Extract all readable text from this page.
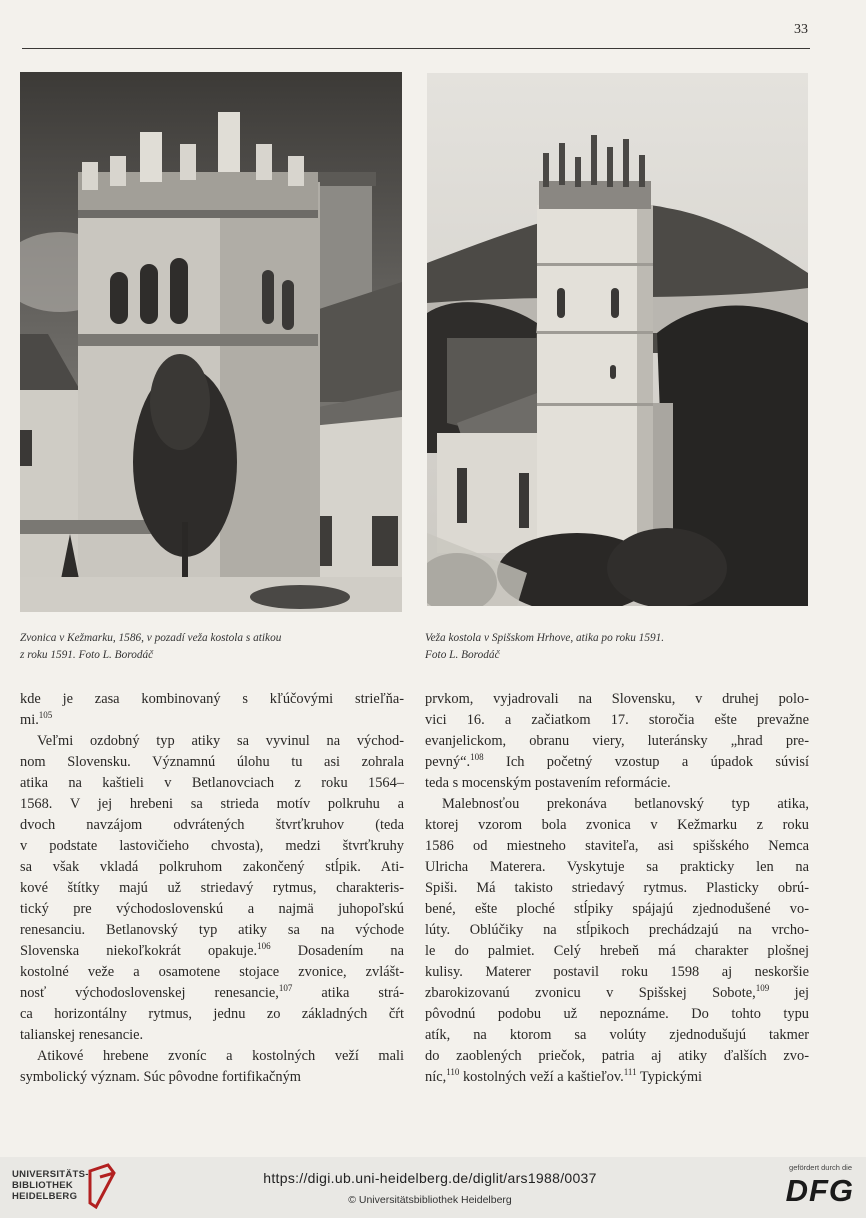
33
Zvonica v Kežmarku, 1586, v pozadí veža kostola s atikou
z roku 1591. Foto L. Borodáč
Veža kostola v Spišskom Hrhove, atika po roku 1591.
Foto L. Borodáč

kde je zasa kombinovaný s kľúčovými strieľňa-

mi.$^{105}$

Veľmi ozdobný typ atiky sa vyvinul na východ-

nom Slovensku. Významnú úlohu tu asi zohrala

atika na kaštieli v Betlanovciach z roku 1564–

1568. V jej hrebeni sa strieda motív polkruhu a

dvoch navzájom odvrátených štvrťkruhov (teda

v podstate lastovičieho chvosta), medzi štvrťkruhy

sa však vkladá polkruhom zakončený stĺpik. Ati-

kové štítky majú už striedavý rytmus, charakteris-

tický pre východoslovenskú a najmä juhopoľskú

renesanciu. Betlanovský typ atiky sa na východe

Slovenska niekoľkokrát opakuje.$^{106}$ Dosadením na

kostolné veže a osamotene stojace zvonice, zvlášt-

nosť východoslovenskej renesancie,$^{107}$ atika strá-

ca horizontálny rytmus, jednu zo základných čŕt

talianskej renesancie.

Atikové hrebene zvoníc a kostolných veží mali

symbolický význam. Súc pôvodne fortifikačným

prvkom, vyjadrovali na Slovensku, v druhej polo-

vici 16. a začiatkom 17. storočia ešte prevažne

evanjelickom, obranu viery, luteránsky „hrad pre-

pevný“.$^{108}$ Ich početný vzostup a úpadok súvisí

teda s mocenským postavením reformácie.

Malebnosťou prekonáva betlanovský typ atika,

ktorej vzorom bola zvonica v Kežmarku z roku

1586 od miestneho staviteľa, asi spišského Nemca

Ulricha Materera. Vyskytuje sa prakticky len na

Spiši. Má takisto striedavý rytmus. Plasticky obrú-

bené, ešte ploché stĺpiky spájajú zjednodušené vo-

lúty. Oblúčiky na stĺpikoch prechádzajú na vrcho-

le do palmiet. Celý hrebeň má charakter plošnej

kulisy. Materer postavil roku 1598 aj neskoršie

zbarokizovanú zvonicu v Spišskej Sobote,$^{109}$ jej

pôvodnú podobu už nepoznáme. Do tohto typu

atík, na ktorom sa volúty zjednodušujú takmer

do zaoblených priečok, patria aj atiky ďalších zvo-

níc,$^{110}$ kostolných veží a kaštieľov.$^{111}$ Typickými

UNIVERSITÄTS-
BIBLIOTHEK
HEIDELBERG
https://digi.ub.uni-heidelberg.de/diglit/ars1988/0037
© Universitätsbibliothek Heidelberg
gefördert durch die
DFG
